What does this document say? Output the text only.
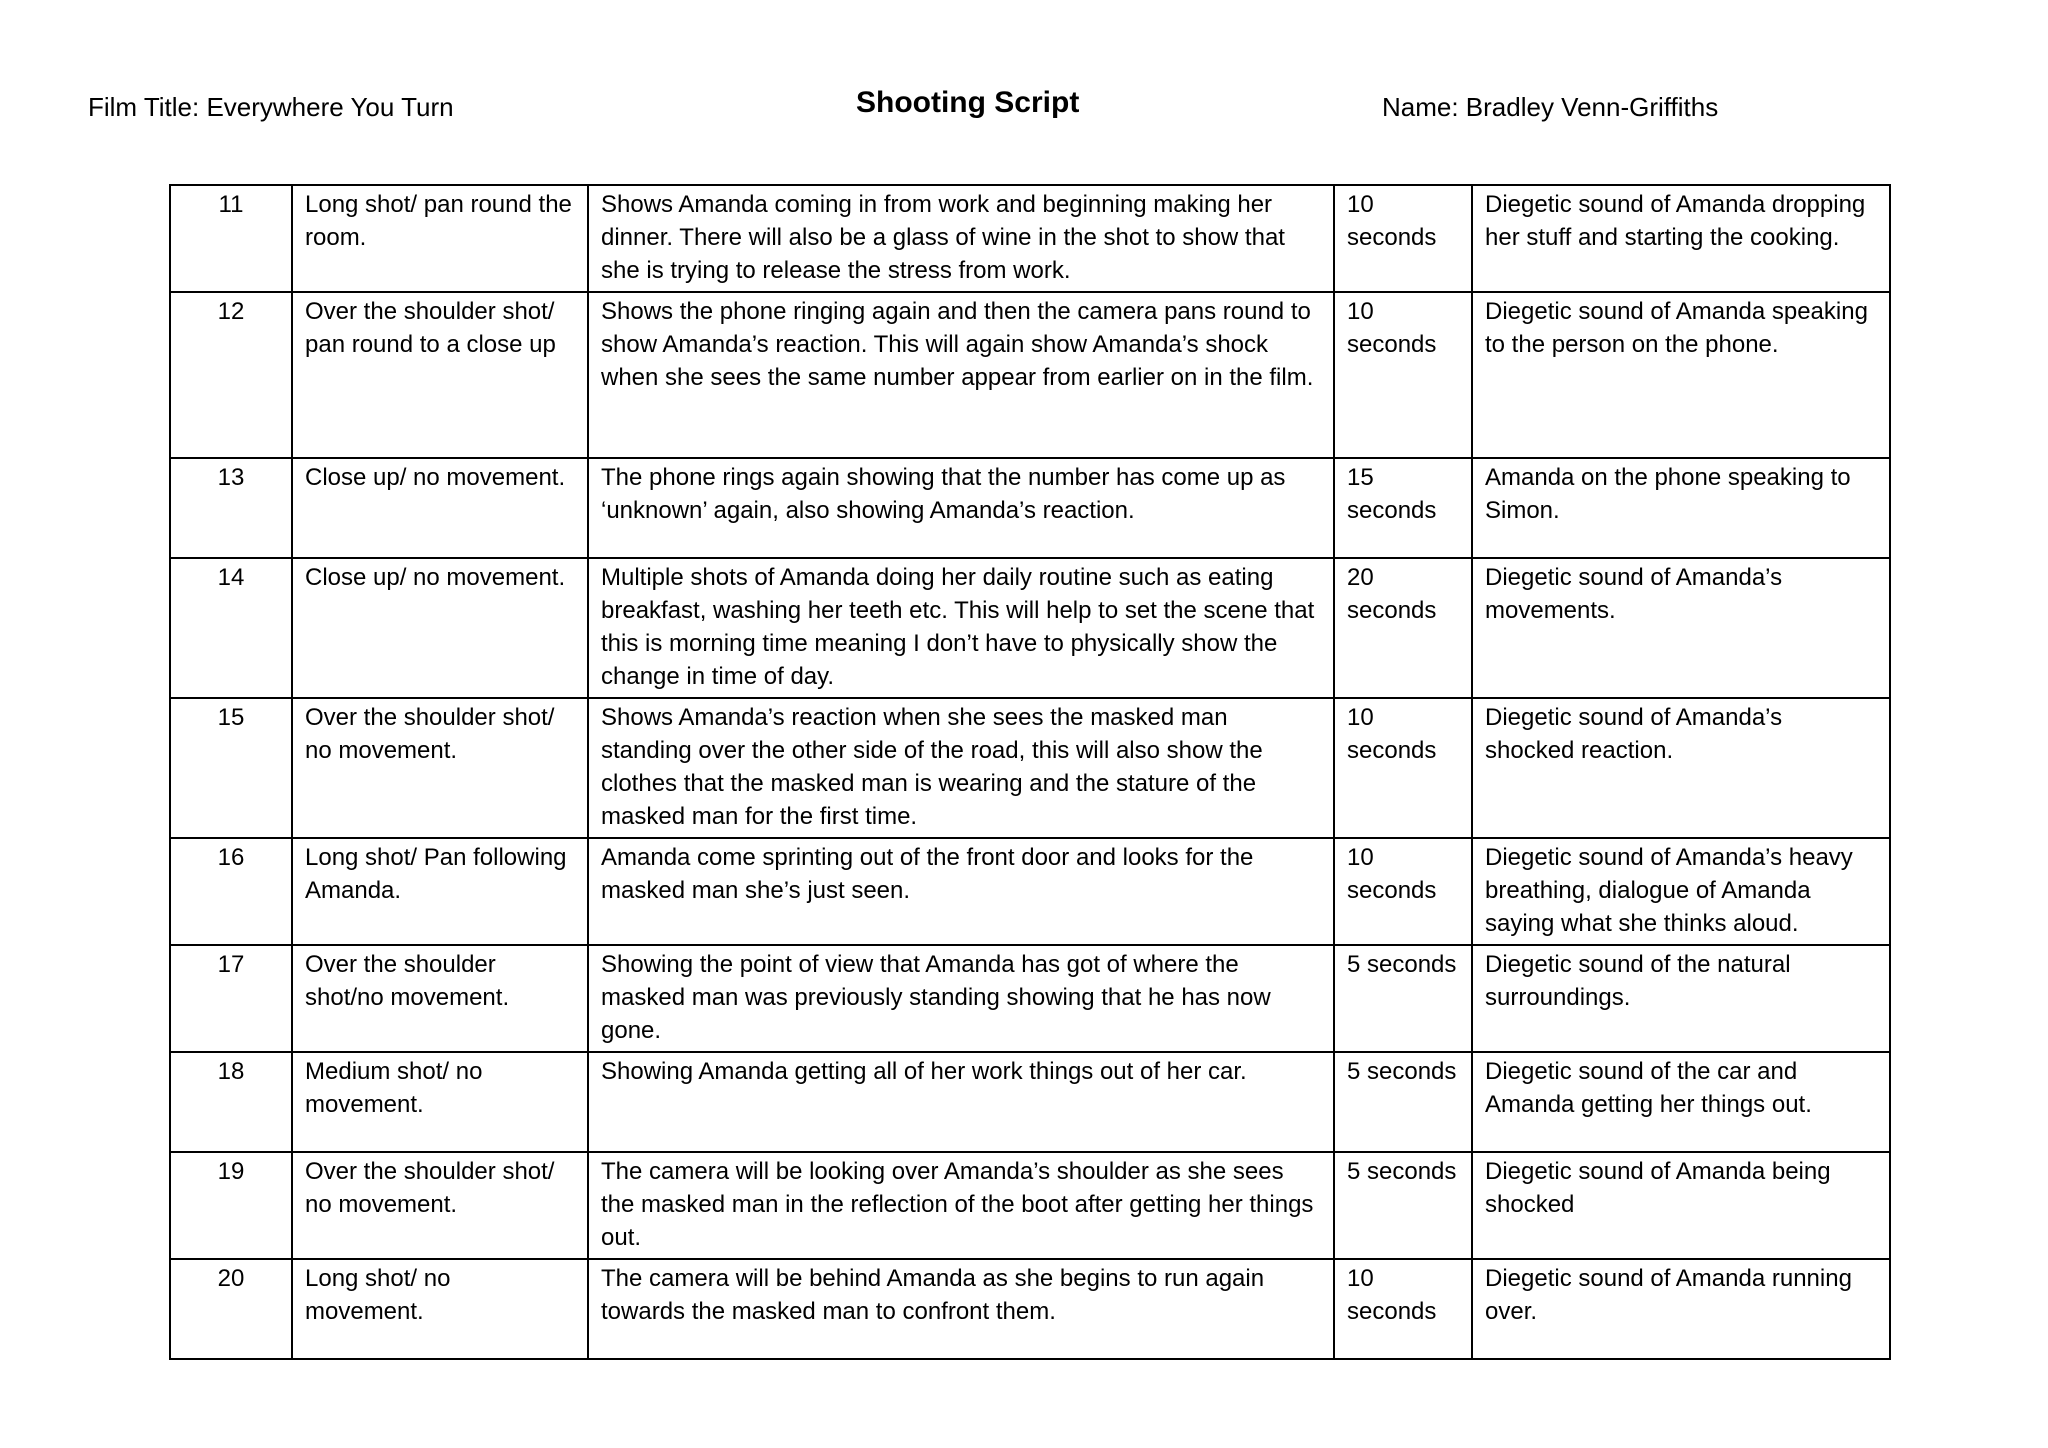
Film Title: Everywhere You Turn	Shooting Script	Name: Bradley Venn-Griffiths
11	Long shot/ pan round the room.	Shows Amanda coming in from work and beginning making her dinner. There will also be a glass of wine in the shot to show that she is trying to release the stress from work.	10 seconds	Diegetic sound of Amanda dropping her stuff and starting the cooking.
12	Over the shoulder shot/ pan round to a close up	Shows the phone ringing again and then the camera pans round to show Amanda’s reaction. This will again show Amanda’s shock when she sees the same number appear from earlier on in the film.	10 seconds	Diegetic sound of Amanda speaking to the person on the phone.
13	Close up/ no movement.	The phone rings again showing that the number has come up as ‘unknown’ again, also showing Amanda’s reaction.	15 seconds	Amanda on the phone speaking to Simon.
14	Close up/ no movement.	Multiple shots of Amanda doing her daily routine such as eating breakfast, washing her teeth etc. This will help to set the scene that this is morning time meaning I don’t have to physically show the change in time of day.	20 seconds	Diegetic sound of Amanda’s movements.
15	Over the shoulder shot/ no movement.	Shows Amanda’s reaction when she sees the masked man standing over the other side of the road, this will also show the clothes that the masked man is wearing and the stature of the masked man for the first time.	10 seconds	Diegetic sound of Amanda’s shocked reaction.
16	Long shot/ Pan following Amanda.	Amanda come sprinting out of the front door and looks for the masked man she’s just seen.	10 seconds	Diegetic sound of Amanda’s heavy breathing, dialogue of Amanda saying what she thinks aloud.
17	Over the shoulder shot/no movement.	Showing the point of view that Amanda has got of where the masked man was previously standing showing that he has now gone.	5 seconds	Diegetic sound of the natural surroundings.
18	Medium shot/ no movement.	Showing Amanda getting all of her work things out of her car.	5 seconds	Diegetic sound of the car and Amanda getting her things out.
19	Over the shoulder shot/ no movement.	The camera will be looking over Amanda’s shoulder as she sees the masked man in the reflection of the boot after getting her things out.	5 seconds	Diegetic sound of Amanda being shocked
20	Long shot/ no movement.	The camera will be behind Amanda as she begins to run again towards the masked man to confront them.	10 seconds	Diegetic sound of Amanda running over.
